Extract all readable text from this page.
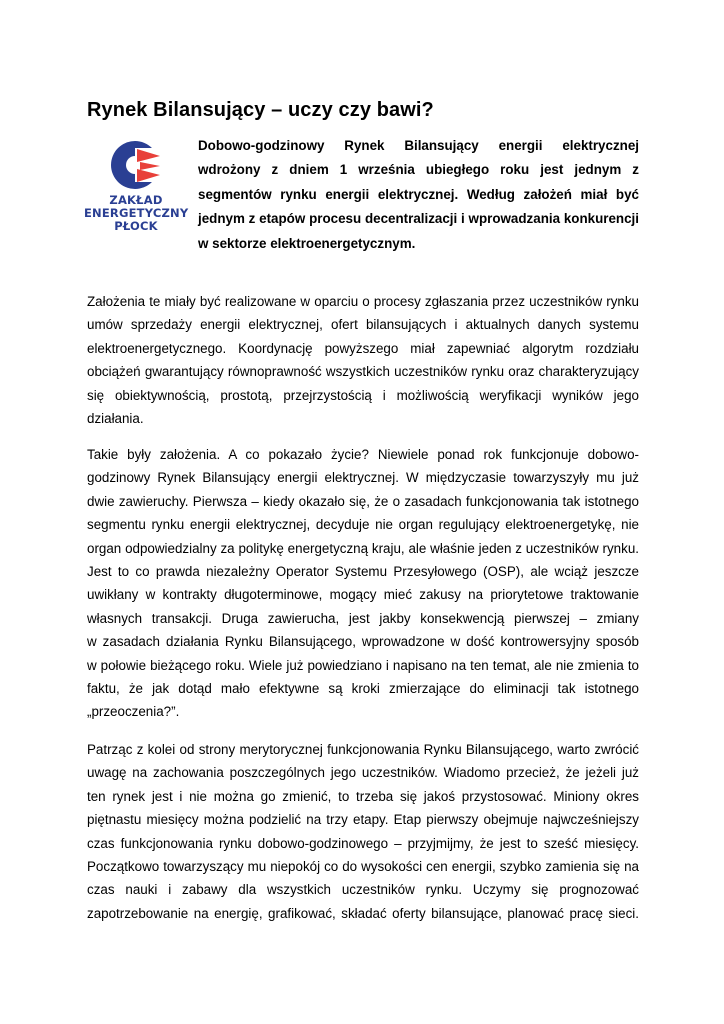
Rynek Bilansujący – uczy czy bawi?
ZAKŁAD
ENERGETYCZNY
PŁOCK
Dobowo-godzinowy Rynek Bilansujący energii elektrycznej
wdrożony z dniem 1 września ubiegłego roku jest jednym z
segmentów rynku energii elektrycznej. Według założeń miał być
jednym z etapów procesu decentralizacji i wprowadzania konkurencji
w sektorze elektroenergetycznym.
Założenia te miały być realizowane w oparciu o procesy zgłaszania przez uczestników rynku
umów sprzedaży energii elektrycznej, ofert bilansujących i aktualnych danych systemu
elektroenergetycznego. Koordynację powyższego miał zapewniać algorytm rozdziału
obciążeń gwarantujący równoprawność wszystkich uczestników rynku oraz charakteryzujący
się obiektywnością, prostotą, przejrzystością i możliwością weryfikacji wyników jego
działania.
Takie były założenia. A co pokazało życie? Niewiele ponad rok funkcjonuje dobowo-
godzinowy Rynek Bilansujący energii elektrycznej. W międzyczasie towarzyszyły mu już
dwie zawieruchy. Pierwsza – kiedy okazało się, że o zasadach funkcjonowania tak istotnego
segmentu rynku energii elektrycznej, decyduje nie organ regulujący elektroenergetykę, nie
organ odpowiedzialny za politykę energetyczną kraju, ale właśnie jeden z uczestników rynku.
Jest to co prawda niezależny Operator Systemu Przesyłowego (OSP), ale wciąż jeszcze
uwikłany w kontrakty długoterminowe, mogący mieć zakusy na priorytetowe traktowanie
własnych transakcji. Druga zawierucha, jest jakby konsekwencją pierwszej – zmiany
w zasadach działania Rynku Bilansującego, wprowadzone w dość kontrowersyjny sposób
w połowie bieżącego roku. Wiele już powiedziano i napisano na ten temat, ale nie zmienia to
faktu, że jak dotąd mało efektywne są kroki zmierzające do eliminacji tak istotnego
„przeoczenia?”.
Patrząc z kolei od strony merytorycznej funkcjonowania Rynku Bilansującego, warto zwrócić
uwagę na zachowania poszczególnych jego uczestników. Wiadomo przecież, że jeżeli już
ten rynek jest i nie można go zmienić, to trzeba się jakoś przystosować. Miniony okres
piętnastu miesięcy można podzielić na trzy etapy. Etap pierwszy obejmuje najwcześniejszy
czas funkcjonowania rynku dobowo-godzinowego – przyjmijmy, że jest to sześć miesięcy.
Początkowo towarzyszący mu niepokój co do wysokości cen energii, szybko zamienia się na
czas nauki i zabawy dla wszystkich uczestników rynku. Uczymy się prognozować
zapotrzebowanie na energię, grafikować, składać oferty bilansujące, planować pracę sieci.
